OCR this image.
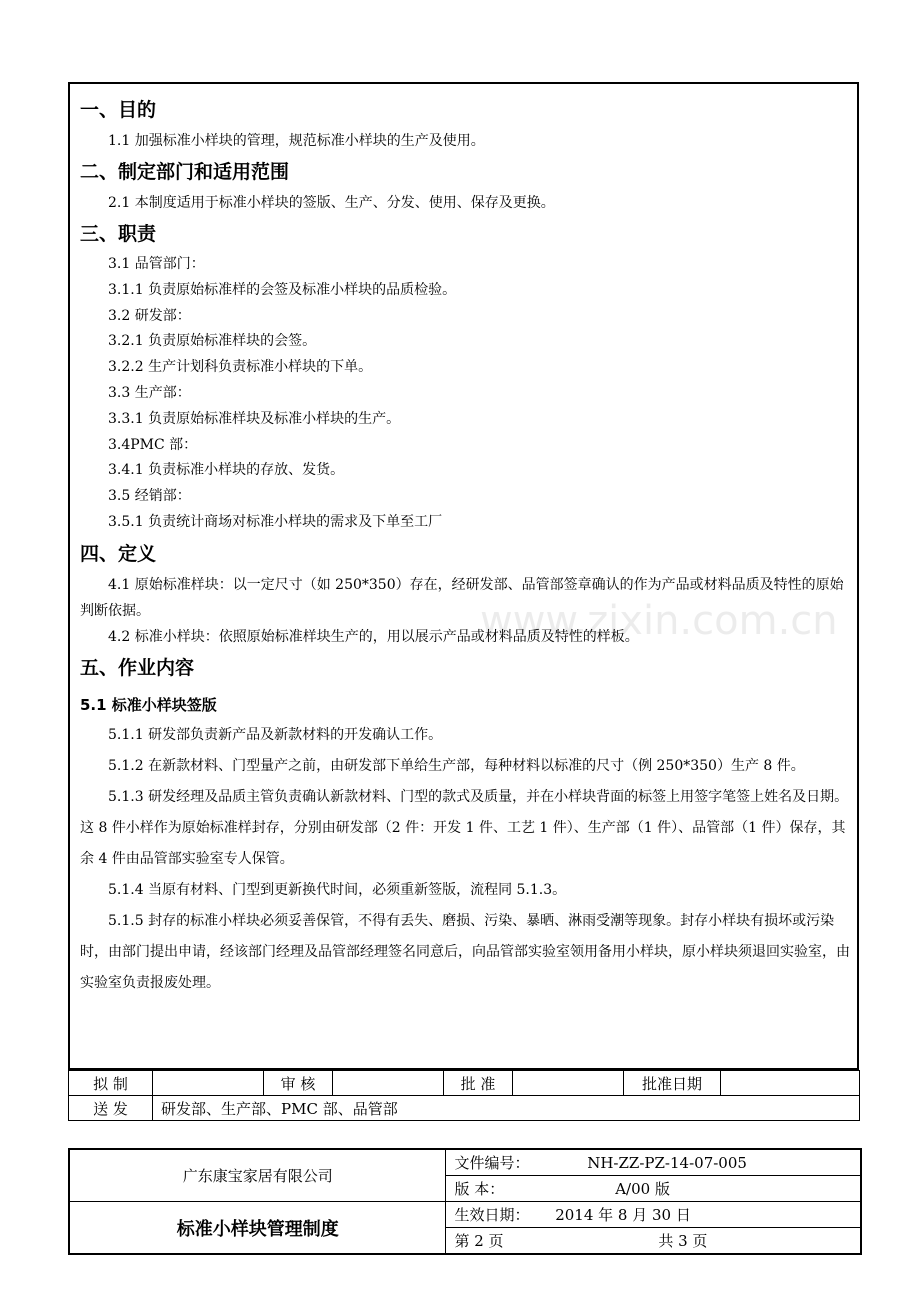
www.zixin.com.cn
一、目的

1.1 加强标准小样块的管理，规范标准小样块的生产及使用。

二、制定部门和适用范围

2.1 本制度适用于标准小样块的签版、生产、分发、使用、保存及更换。

三、职责
3.1 品管部门：
3.1.1 负责原始标准样的会签及标准小样块的品质检验。
3.2 研发部：
3.2.1 负责原始标准样块的会签。
3.2.2 生产计划科负责标准小样块的下单。
3.3 生产部：
3.3.1 负责原始标准样块及标准小样块的生产。
3.4PMC 部：
3.4.1 负责标准小样块的存放、发货。
3.5 经销部：
3.5.1 负责统计商场对标准小样块的需求及下单至工厂
四、定义

4.1 原始标准样块：以一定尺寸（如 250*350）存在，经研发部、品管部签章确认的作为产品或材料品质及特性的原始判断依据。

4.2 标准小样块：依照原始标准样块生产的，用以展示产品或材料品质及特性的样板。

五、作业内容
5.1 标准小样块签版

5.1.1 研发部负责新产品及新款材料的开发确认工作。

5.1.2 在新款材料、门型量产之前，由研发部下单给生产部，每种材料以标准的尺寸（例 250*350）生产 8 件。

5.1.3 研发经理及品质主管负责确认新款材料、门型的款式及质量，并在小样块背面的标签上用签字笔签上姓名及日期。这 8 件小样作为原始标准样封存，分别由研发部（2 件：开发 1 件、工艺 1 件）、生产部（1 件）、品管部（1 件）保存，其余 4 件由品管部实验室专人保管。

5.1.4 当原有材料、门型到更新换代时间，必须重新签版，流程同 5.1.3。

5.1.5 封存的标准小样块必须妥善保管，不得有丢失、磨损、污染、暴晒、淋雨受潮等现象。封存小样块有损坏或污染时，由部门提出申请，经该部门经理及品管部经理签名同意后，向品管部实验室领用备用小样块，原小样块须退回实验室，由实验室负责报废处理。

拟 制		审 核		批 准		批准日期	
送 发	研发部、生产部、PMC 部、品管部						
广东康宝家居有限公司	文件编号： NH-ZZ-PZ-14-07-005
	版 本： A/00 版
标准小样块管理制度	生效日期： 2014 年 8 月 30 日
	第 2 页 共 3 页
